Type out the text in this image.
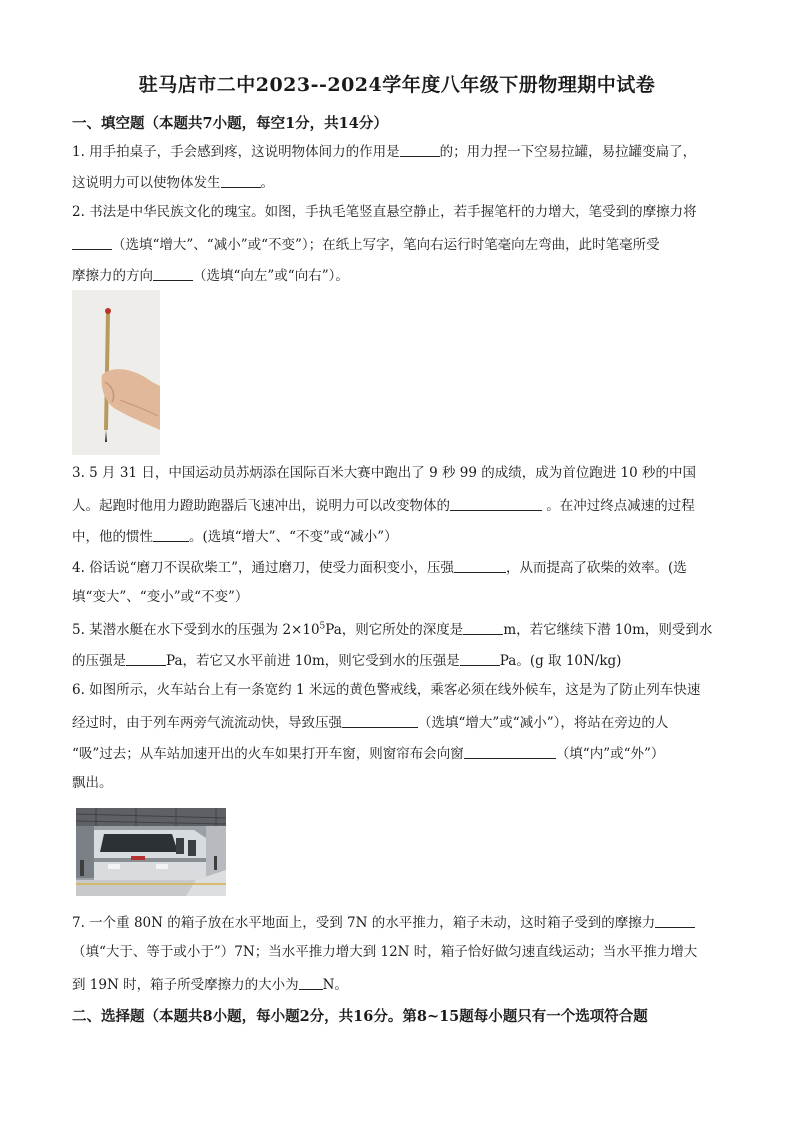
驻马店市二中2023--2024学年度八年级下册物理期中试卷
一、填空题（本题共7小题，每空1分，共14分）
1. 用手拍桌子，手会感到疼，这说明物体间力的作用是	的；用力捏一下空易拉罐，易拉罐变扁了，
这说明力可以使物体发生	。
2. 书法是中华民族文化的瑰宝。如图，手执毛笔竖直悬空静止，若手握笔杆的力增大，笔受到的摩擦力将
（选填“增大”、“减小”或“不变”）；在纸上写字，笔向右运行时笔毫向左弯曲，此时笔毫所受
摩擦力的方向	（选填“向左”或“向右”）。
3. 5 月 31 日，中国运动员苏炳添在国际百米大赛中跑出了 9 秒 99 的成绩，成为首位跑进 10 秒的中国
人。起跑时他用力蹬助跑器后飞速冲出，说明力可以改变物体的	。在冲过终点减速的过程
中，他的惯性	。(选填“增大”、“不变”或“减小”）
4. 俗话说“磨刀不误砍柴工”，通过磨刀，使受力面积变小，压强	，从而提高了砍柴的效率。(选
填“变大”、“变小”或“不变”）
5. 某潜水艇在水下受到水的压强为 $2\times 10^5Pa$，则它所处的深度是	m，若它继续下潜 10m，则受到水
的压强是	Pa，若它又水平前进 10m，则它受到水的压强是	Pa。(g 取 10N/kg)
6. 如图所示，火车站台上有一条宽约 1 米远的黄色警戒线，乘客必须在线外候车，这是为了防止列车快速
经过时，由于列车两旁气流流动快，导致压强	（选填“增大”或“减小”），将站在旁边的人
“吸”过去；从车站加速开出的火车如果打开车窗，则窗帘布会向窗	（填“内”或“外”）
飘出。
7. 一个重 80N 的箱子放在水平地面上，受到 7N 的水平推力，箱子未动，这时箱子受到的摩擦力
（填“大于、等于或小于”）7N；当水平推力增大到 12N 时，箱子恰好做匀速直线运动；当水平推力增大
到 19N 时，箱子所受摩擦力的大小为 N。
二、选择题（本题共8小题，每小题2分，共16分。第8~15题每小题只有一个选项符合题
